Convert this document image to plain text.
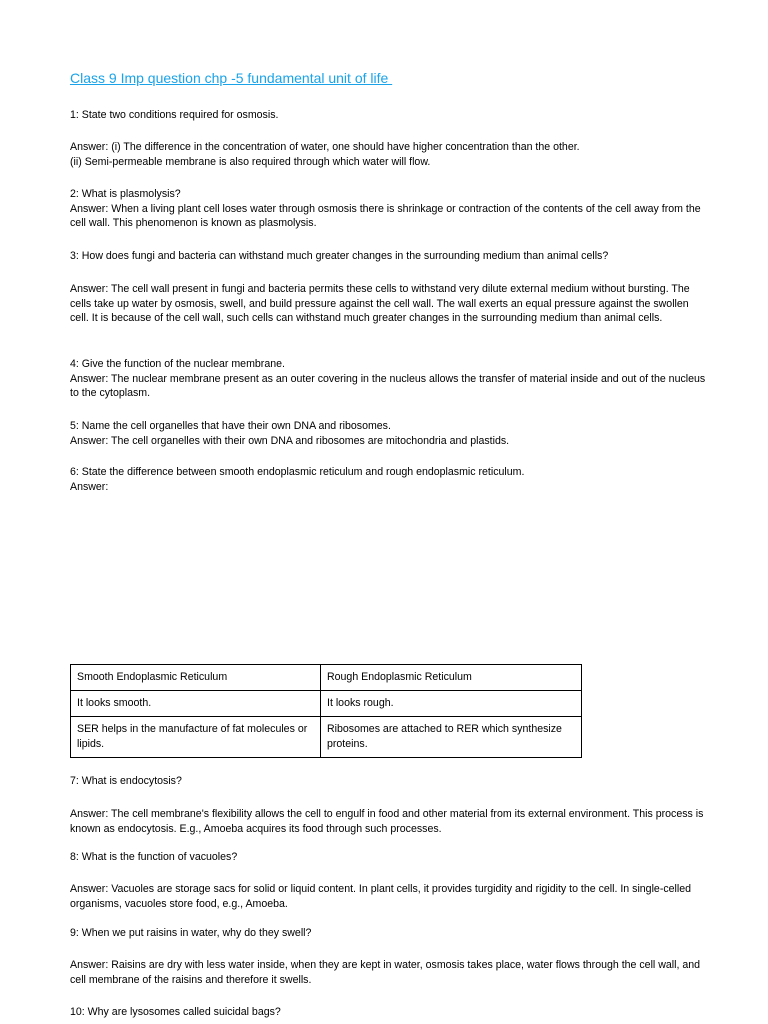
Class 9 Imp question chp -5 fundamental unit of life
1: State two conditions required for osmosis.
Answer: (i) The difference in the concentration of water, one should have higher concentration than the other.
(ii) Semi-permeable membrane is also required through which water will flow.
2: What is plasmolysis?
Answer: When a living plant cell loses water through osmosis there is shrinkage or contraction of the contents of the cell away from the cell wall. This phenomenon is known as plasmolysis.
3: How does fungi and bacteria can withstand much greater changes in the surrounding medium than animal cells?
Answer: The cell wall present in fungi and bacteria permits these cells to withstand very dilute external medium without bursting. The cells take up water by osmosis, swell, and build pressure against the cell wall. The wall exerts an equal pressure against the swollen cell. It is because of the cell wall, such cells can withstand much greater changes in the surrounding medium than animal cells.
4: Give the function of the nuclear membrane.
Answer: The nuclear membrane present as an outer covering in the nucleus allows the transfer of material inside and out of the nucleus to the cytoplasm.
5: Name the cell organelles that have their own DNA and ribosomes.
Answer: The cell organelles with their own DNA and ribosomes are mitochondria and plastids.
6: State the difference between smooth endoplasmic reticulum and rough endoplasmic reticulum.
Answer:
Smooth Endoplasmic Reticulum	Rough Endoplasmic Reticulum
It looks smooth.	It looks rough.
SER helps in the manufacture of fat molecules or lipids.	Ribosomes are attached to RER which synthesize proteins.
7: What is endocytosis?
Answer: The cell membrane's flexibility allows the cell to engulf in food and other material from its external environment. This process is known as endocytosis. E.g., Amoeba acquires its food through such processes.
8: What is the function of vacuoles?
Answer: Vacuoles are storage sacs for solid or liquid content. In plant cells, it provides turgidity and rigidity to the cell. In single-celled organisms, vacuoles store food, e.g., Amoeba.
9: When we put raisins in water, why do they swell?
Answer: Raisins are dry with less water inside, when they are kept in water, osmosis takes place, water flows through the cell wall, and cell membrane of the raisins and therefore it swells.
10: Why are lysosomes called suicidal bags?
